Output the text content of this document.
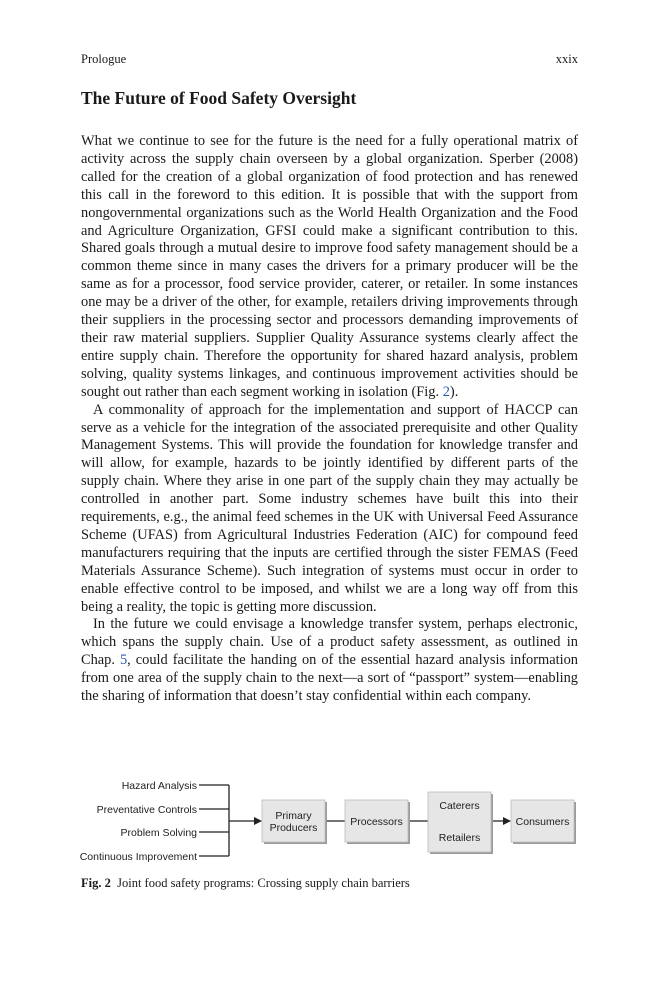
Prologue	xxix
The Future of Food Safety Oversight

What we continue to see for the future is the need for a fully operational matrix of activity across the supply chain overseen by a global organization. Sperber (2008) called for the creation of a global organization of food protection and has renewed this call in the foreword to this edition. It is possible that with the support from nongovernmental organizations such as the World Health Organization and the Food and Agriculture Organization, GFSI could make a significant contribution to this. Shared goals through a mutual desire to improve food safety management should be a common theme since in many cases the drivers for a primary producer will be the same as for a processor, food service provider, caterer, or retailer. In some instances one may be a driver of the other, for example, retailers driving improvements through their suppliers in the processing sector and processors demanding improvements of their raw material suppliers. Supplier Quality Assurance systems clearly affect the entire supply chain. Therefore the opportunity for shared hazard analysis, problem solving, quality systems linkages, and continuous improvement activities should be sought out rather than each segment working in isolation (Fig. 2).

A commonality of approach for the implementation and support of HACCP can serve as a vehicle for the integration of the associated prerequisite and other Quality Management Systems. This will provide the foundation for knowledge transfer and will allow, for example, hazards to be jointly identified by different parts of the supply chain. Where they arise in one part of the supply chain they may actually be controlled in another part. Some industry schemes have built this into their requirements, e.g., the animal feed schemes in the UK with Universal Feed Assurance Scheme (UFAS) from Agricultural Industries Federation (AIC) for compound feed manufacturers requiring that the inputs are certified through the sister FEMAS (Feed Materials Assurance Scheme). Such integration of systems must occur in order to enable effective control to be imposed, and whilst we are a long way off from this being a reality, the topic is getting more discussion.

In the future we could envisage a knowledge transfer system, perhaps electronic, which spans the supply chain. Use of a product safety assessment, as outlined in Chap. 5, could facilitate the handing on of the essential hazard analysis information from one area of the supply chain to the next—a sort of “passport” system—enabling the sharing of information that doesn’t stay confidential within each company.

Hazard Analysis
Preventative Controls
Problem Solving
Continuous Improvement
Primary
Producers	Processors
Caterers
Retailers
Consumers
Fig. 2 Joint food safety programs: Crossing supply chain barriers
